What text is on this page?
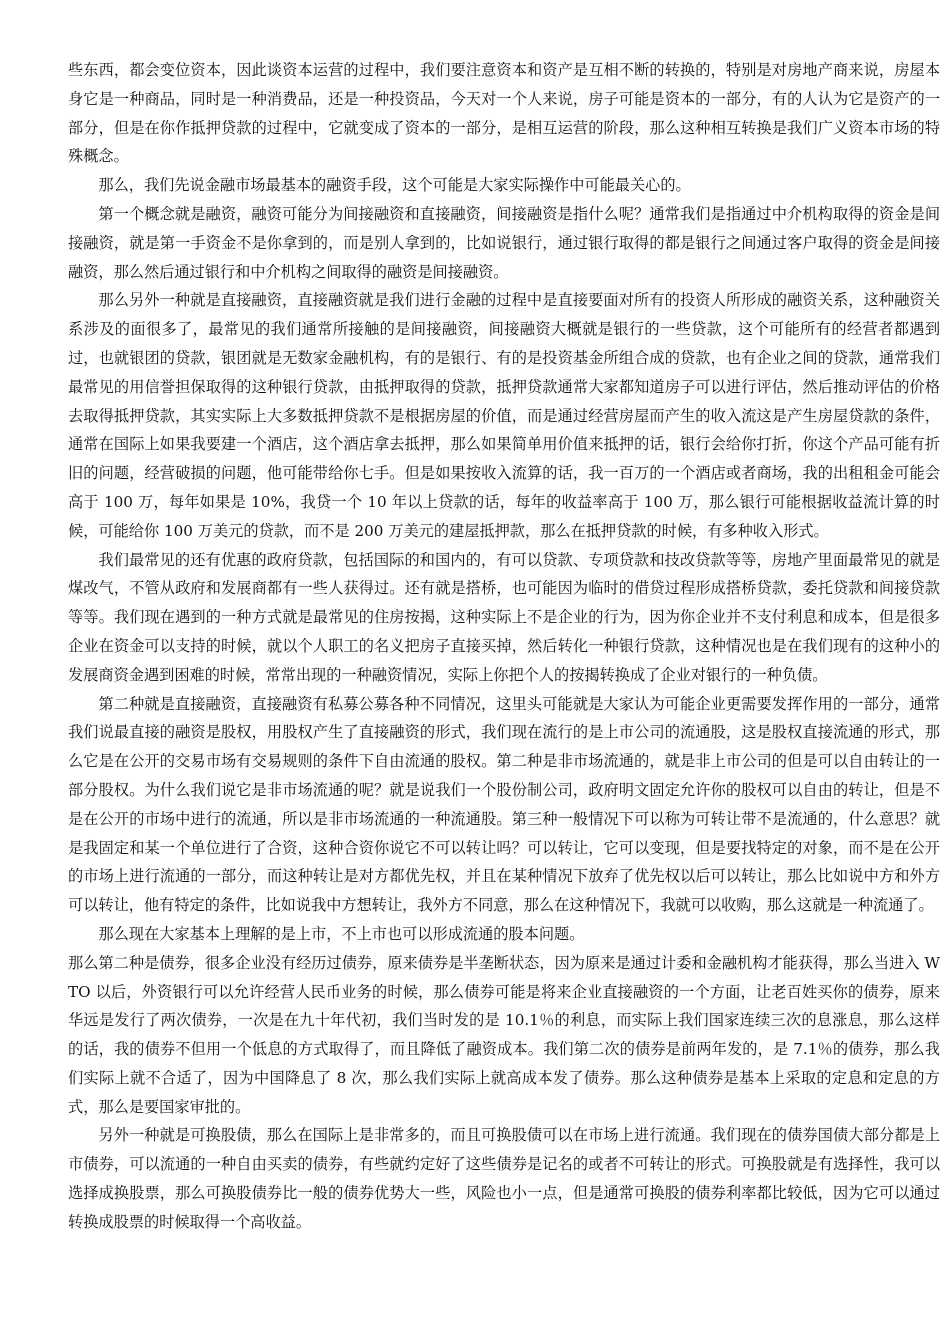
些东西，都会变位资本，因此谈资本运营的过程中，我们要注意资本和资产是互相不断的转换的，特别是对房地产商来说，房屋本身它是一种商品，同时是一种消费品，还是一种投资品，今天对一个人来说，房子可能是资本的一部分，有的人认为它是资产的一部分，但是在你作抵押贷款的过程中，它就变成了资本的一部分，是相互运营的阶段，那么这种相互转换是我们广义资本市场的特殊概念。

那么，我们先说金融市场最基本的融资手段，这个可能是大家实际操作中可能最关心的。

第一个概念就是融资，融资可能分为间接融资和直接融资，间接融资是指什么呢？通常我们是指通过中介机构取得的资金是间接融资，就是第一手资金不是你拿到的，而是别人拿到的，比如说银行，通过银行取得的都是银行之间通过客户取得的资金是间接融资，那么然后通过银行和中介机构之间取得的融资是间接融资。

那么另外一种就是直接融资，直接融资就是我们进行金融的过程中是直接要面对所有的投资人所形成的融资关系，这种融资关系涉及的面很多了，最常见的我们通常所接触的是间接融资，间接融资大概就是银行的一些贷款，这个可能所有的经营者都遇到过，也就银团的贷款，银团就是无数家金融机构，有的是银行、有的是投资基金所组合成的贷款，也有企业之间的贷款，通常我们最常见的用信誉担保取得的这种银行贷款，由抵押取得的贷款，抵押贷款通常大家都知道房子可以进行评估，然后推动评估的价格去取得抵押贷款，其实实际上大多数抵押贷款不是根据房屋的价值，而是通过经营房屋而产生的收入流这是产生房屋贷款的条件，通常在国际上如果我要建一个酒店，这个酒店拿去抵押，那么如果简单用价值来抵押的话，银行会给你打折，你这个产品可能有折旧的问题，经营破损的问题，他可能带给你七手。但是如果按收入流算的话，我一百万的一个酒店或者商场，我的出租租金可能会高于 100 万，每年如果是 10%，我贷一个 10 年以上贷款的话，每年的收益率高于 100 万，那么银行可能根据收益流计算的时候，可能给你 100 万美元的贷款，而不是 200 万美元的建屋抵押款，那么在抵押贷款的时候，有多种收入形式。

我们最常见的还有优惠的政府贷款，包括国际的和国内的，有可以贷款、专项贷款和技改贷款等等，房地产里面最常见的就是煤改气，不管从政府和发展商都有一些人获得过。还有就是搭桥，也可能因为临时的借贷过程形成搭桥贷款，委托贷款和间接贷款等等。我们现在遇到的一种方式就是最常见的住房按揭，这种实际上不是企业的行为，因为你企业并不支付利息和成本，但是很多企业在资金可以支持的时候，就以个人职工的名义把房子直接买掉，然后转化一种银行贷款，这种情况也是在我们现有的这种小的发展商资金遇到困难的时候，常常出现的一种融资情况，实际上你把个人的按揭转换成了企业对银行的一种负债。

第二种就是直接融资，直接融资有私募公募各种不同情况，这里头可能就是大家认为可能企业更需要发挥作用的一部分，通常我们说最直接的融资是股权，用股权产生了直接融资的形式，我们现在流行的是上市公司的流通股，这是股权直接流通的形式，那么它是在公开的交易市场有交易规则的条件下自由流通的股权。第二种是非市场流通的，就是非上市公司的但是可以自由转让的一部分股权。为什么我们说它是非市场流通的呢？就是说我们一个股份制公司，政府明文固定允许你的股权可以自由的转让，但是不是在公开的市场中进行的流通，所以是非市场流通的一种流通股。第三种一般情况下可以称为可转让带不是流通的，什么意思？就是我固定和某一个单位进行了合资，这种合资你说它不可以转让吗？可以转让，它可以变现，但是要找特定的对象，而不是在公开的市场上进行流通的一部分，而这种转让是对方都优先权，并且在某种情况下放弃了优先权以后可以转让，那么比如说中方和外方可以转让，他有特定的条件，比如说我中方想转让，我外方不同意，那么在这种情况下，我就可以收购，那么这就是一种流通了。

那么现在大家基本上理解的是上市，不上市也可以形成流通的股本问题。

那么第二种是债券，很多企业没有经历过债券，原来债券是半垄断状态，因为原来是通过计委和金融机构才能获得，那么当进入 WTO 以后，外资银行可以允许经营人民币业务的时候，那么债券可能是将来企业直接融资的一个方面，让老百姓买你的债券，原来华远是发行了两次债券，一次是在九十年代初，我们当时发的是 10.1％的利息，而实际上我们国家连续三次的息涨息，那么这样的话，我的债券不但用一个低息的方式取得了，而且降低了融资成本。我们第二次的债券是前两年发的，是 7.1％的债券，那么我们实际上就不合适了，因为中国降息了 8 次，那么我们实际上就高成本发了债券。那么这种债券是基本上采取的定息和定息的方式，那么是要国家审批的。

另外一种就是可换股债，那么在国际上是非常多的，而且可换股债可以在市场上进行流通。我们现在的债券国债大部分都是上市债券，可以流通的一种自由买卖的债券，有些就约定好了这些债券是记名的或者不可转让的形式。可换股就是有选择性，我可以选择成换股票，那么可换股债券比一般的债券优势大一些，风险也小一点，但是通常可换股的债券利率都比较低，因为它可以通过转换成股票的时候取得一个高收益。
